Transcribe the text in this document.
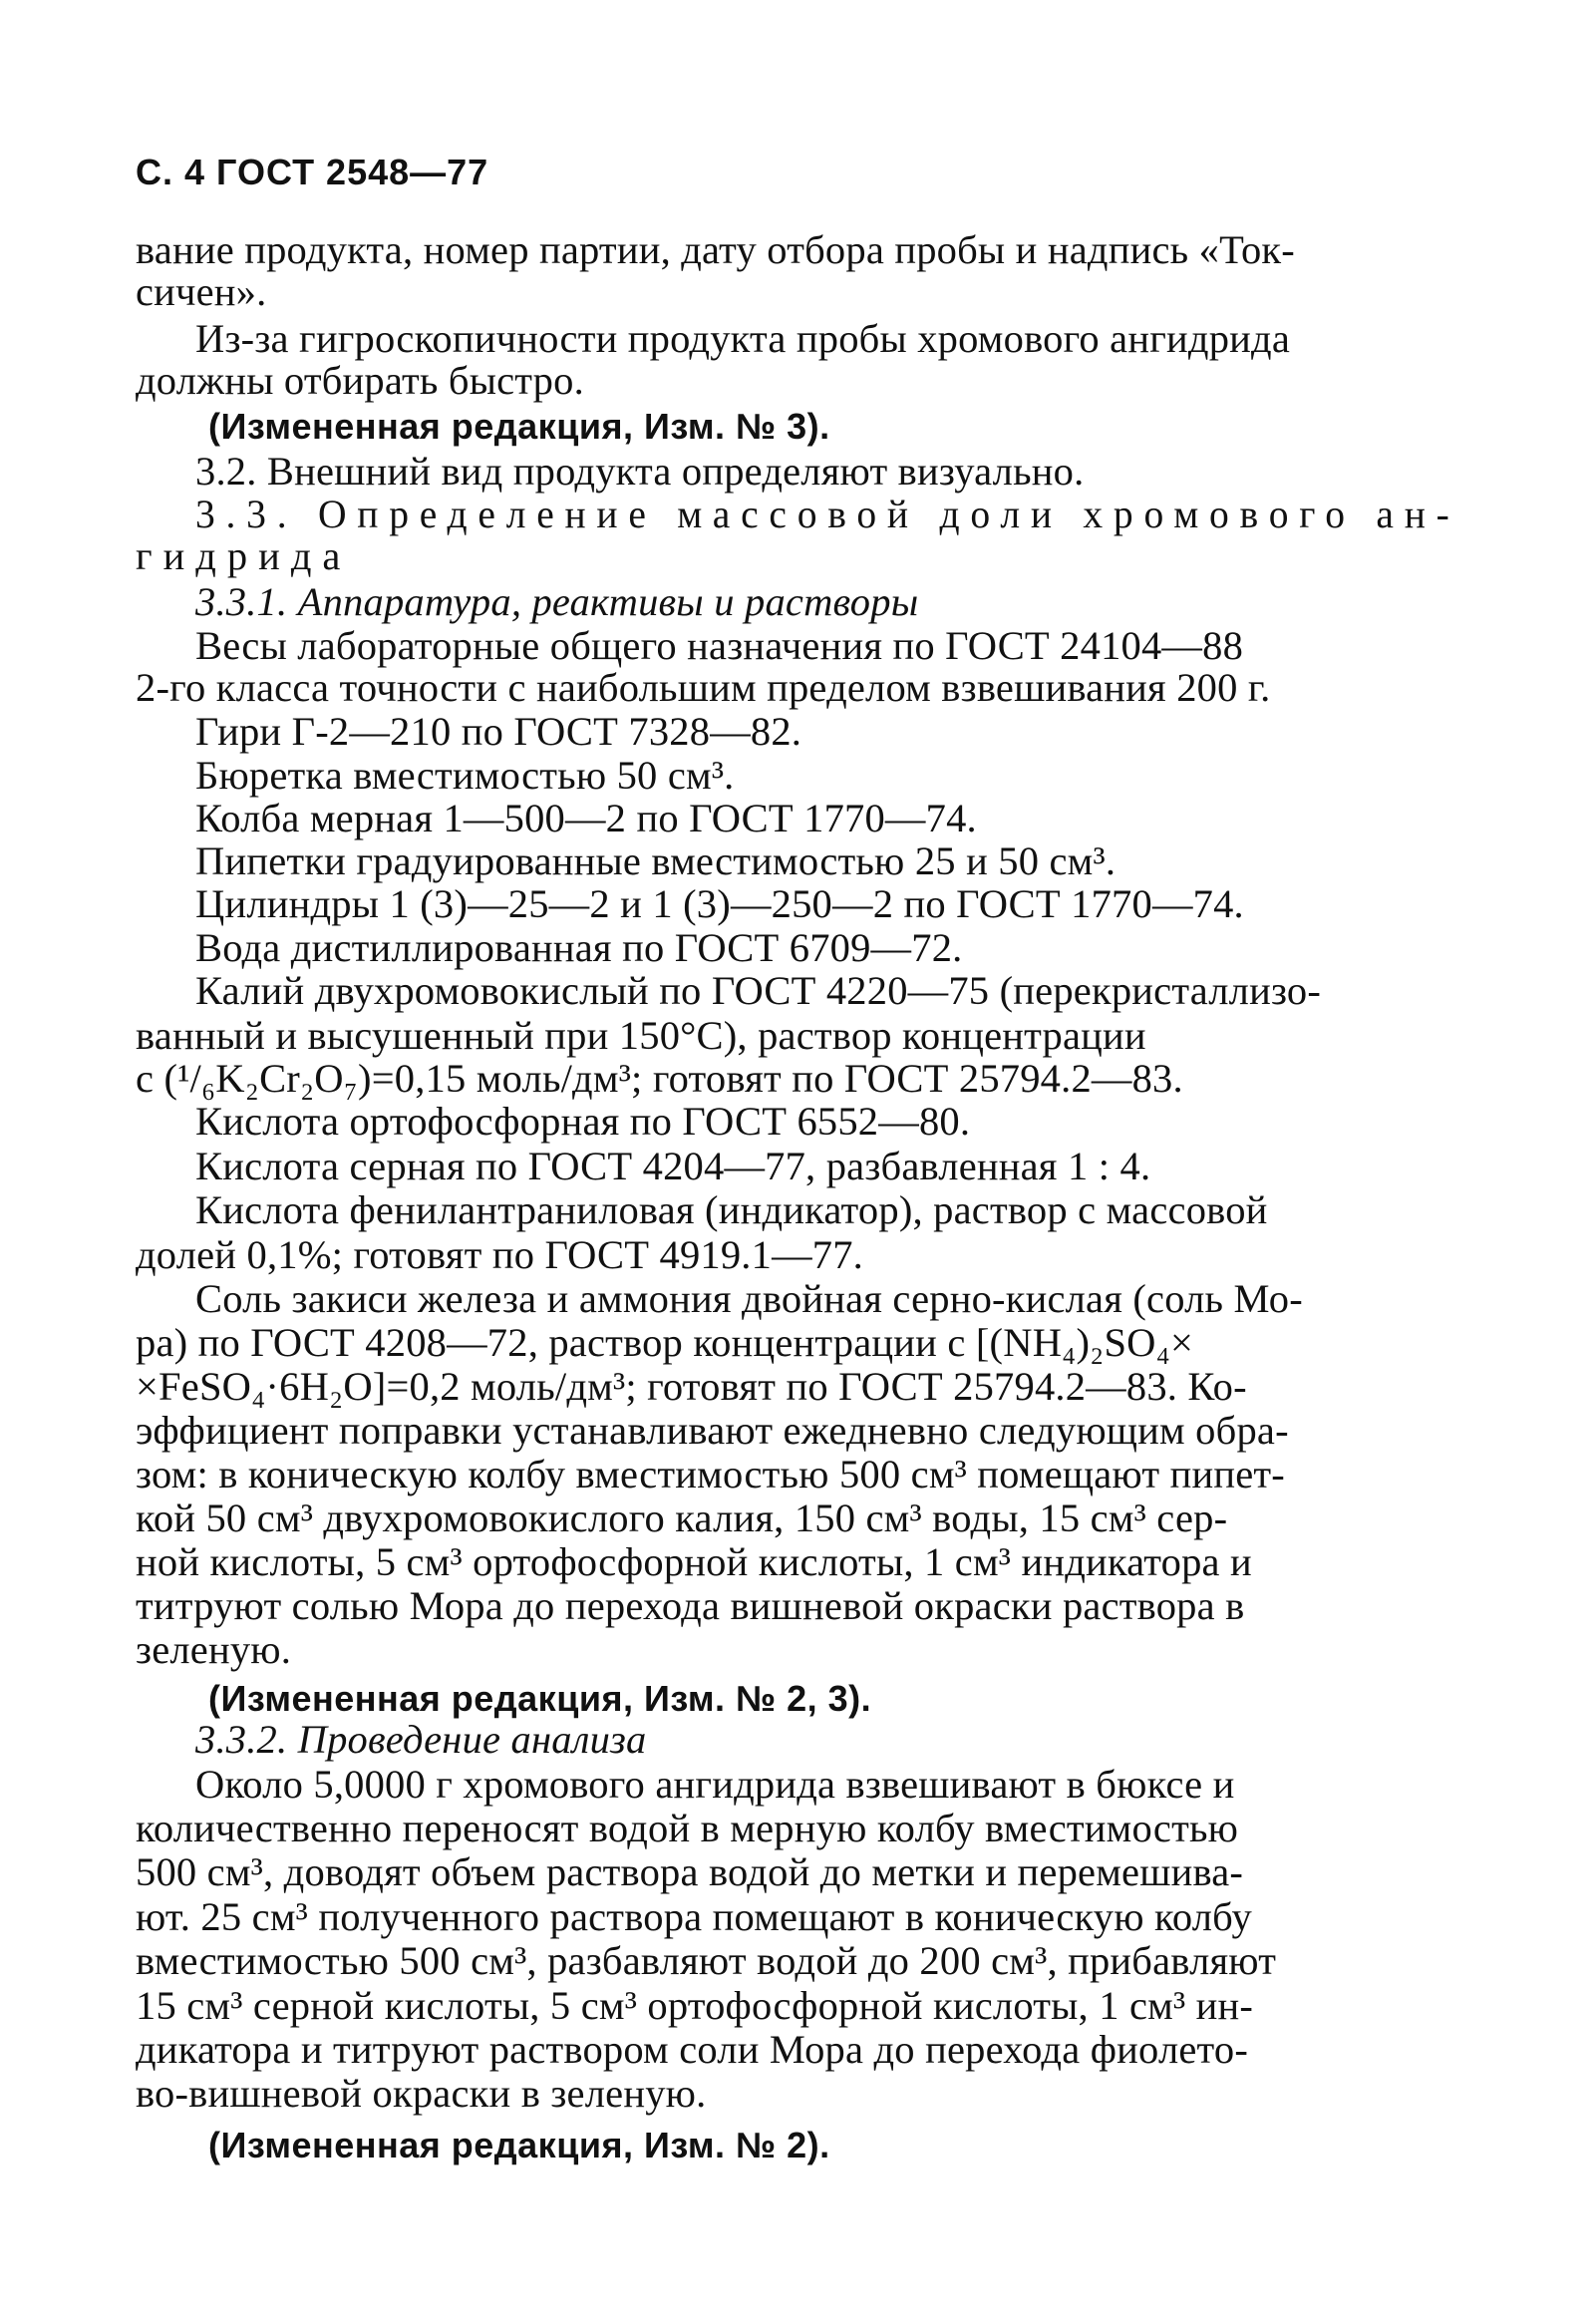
С. 4 ГОСТ 2548—77
вание продукта, номер партии, дату отбора пробы и надпись «Ток-
сичен».
Из-за гигроскопичности продукта пробы хромового ангидрида
должны отбирать быстро.
(Измененная редакция, Изм. № 3).
3.2. Внешний вид продукта определяют визуально.
3.3. Определение массовой доли хромового ан-
гидрида
3.3.1. Аппаратура, реактивы и растворы
Весы лабораторные общего назначения по ГОСТ 24104—88
2-го класса точности с наибольшим пределом взвешивания 200 г.
Гири Г-2—210 по ГОСТ 7328—82.
Бюретка вместимостью 50 см³.
Колба мерная 1—500—2 по ГОСТ 1770—74.
Пипетки градуированные вместимостью 25 и 50 см³.
Цилиндры 1 (3)—25—2 и 1 (3)—250—2 по ГОСТ 1770—74.
Вода дистиллированная по ГОСТ 6709—72.
Калий двухромовокислый по ГОСТ 4220—75 (перекристаллизо-
ванный и высушенный при 150°С), раствор концентрации
с (¹/₆K₂Cr₂O₇)=0,15 моль/дм³; готовят по ГОСТ 25794.2—83.
Кислота ортофосфорная по ГОСТ 6552—80.
Кислота серная по ГОСТ 4204—77, разбавленная 1 : 4.
Кислота фенилантраниловая (индикатор), раствор с массовой
долей 0,1%; готовят по ГОСТ 4919.1—77.
Соль закиси железа и аммония двойная серно-кислая (соль Мо-
ра) по ГОСТ 4208—72, раствор концентрации с [(NH₄)₂SO₄×
×FeSO₄·6H₂O]=0,2 моль/дм³; готовят по ГОСТ 25794.2—83. Ко-
эффициент поправки устанавливают ежедневно следующим обра-
зом: в коническую колбу вместимостью 500 см³ помещают пипет-
кой 50 см³ двухромовокислого калия, 150 см³ воды, 15 см³ сер-
ной кислоты, 5 см³ ортофосфорной кислоты, 1 см³ индикатора и
титруют солью Мора до перехода вишневой окраски раствора в
зеленую.
(Измененная редакция, Изм. № 2, 3).
3.3.2. Проведение анализа
Около 5,0000 г хромового ангидрида взвешивают в бюксе и
количественно переносят водой в мерную колбу вместимостью
500 см³, доводят объем раствора водой до метки и перемешива-
ют. 25 см³ полученного раствора помещают в коническую колбу
вместимостью 500 см³, разбавляют водой до 200 см³, прибавляют
15 см³ серной кислоты, 5 см³ ортофосфорной кислоты, 1 см³ ин-
дикатора и титруют раствором соли Мора до перехода фиолето-
во-вишневой окраски в зеленую.
(Измененная редакция, Изм. № 2).
